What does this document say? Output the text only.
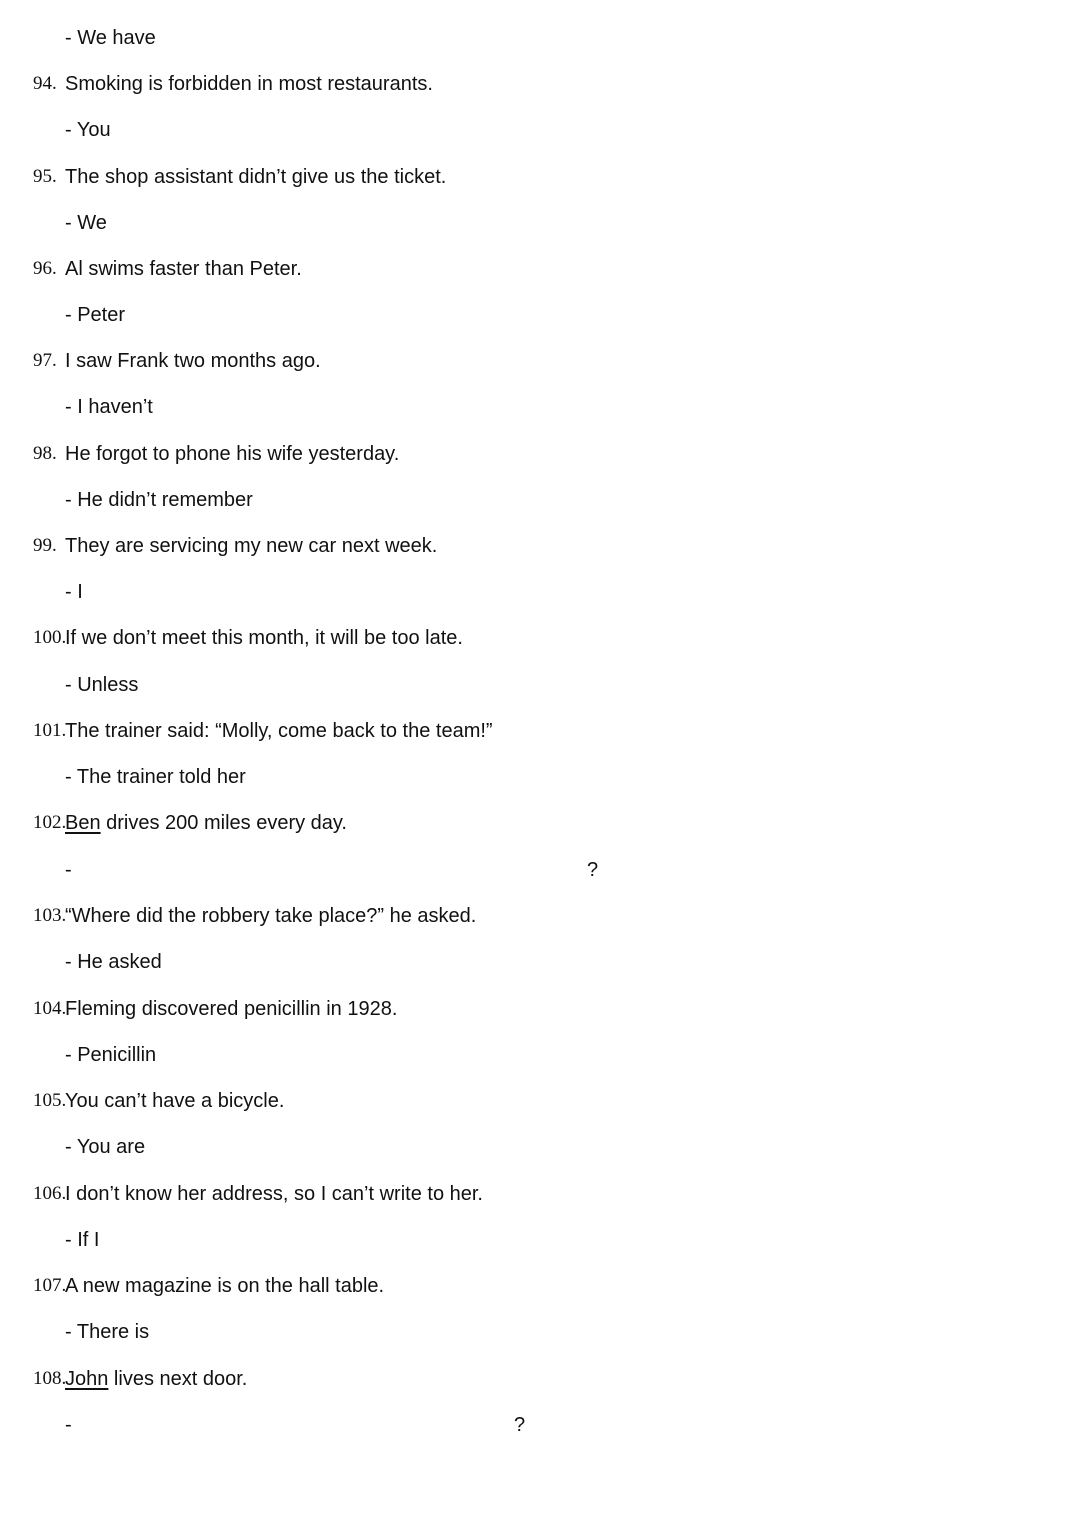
- We have
94. Smoking is forbidden in most restaurants.
- You
95. The shop assistant didn’t give us the ticket.
- We
96. Al swims faster than Peter.
- Peter
97. I saw Frank two months ago.
- I haven’t
98. He forgot to phone his wife yesterday.
- He didn’t remember
99. They are servicing my new car next week.
- I
100.
If we don’t meet this month, it will be too late.
- Unless
101.
The trainer said: “Molly, come back to the team!”
- The trainer told her
102.
Ben drives 200 miles every day.
-	?
103.
“Where did the robbery take place?” he asked.
- He asked
104.
Fleming discovered penicillin in 1928.
- Penicillin
105.
You can’t have a bicycle.
- You are
106.
I don’t know her address, so I can’t write to her.
- If I
107.
A new magazine is on the hall table.
- There is
108.
John lives next door.
-	?
